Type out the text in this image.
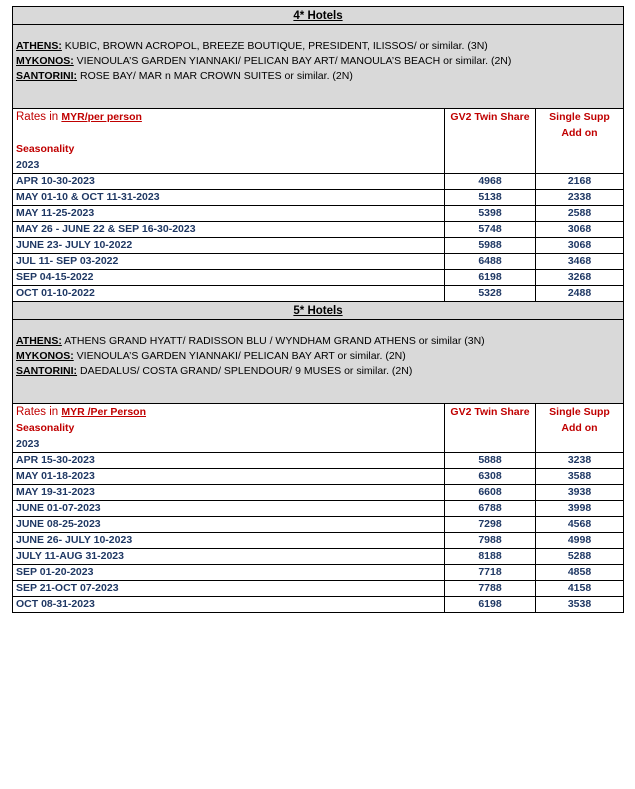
4* Hotels		

ATHENS: KUBIC, BROWN ACROPOL, BREEZE BOUTIQUE, PRESIDENT, ILISSOS/ or similar. (3N)
MYKONOS: VIENOULA’S GARDEN YIANNAKI/ PELICAN BAY ART/ MANOULA’S BEACH or similar. (2N)
SANTORINI: ROSE BAY/ MAR n MAR CROWN SUITES or similar. (2N)		

Rates in MYR/per person
Seasonality
2023	GV2 Twin Share	Single Supp Add on
APR 10-30-2023	4968	2168
MAY 01-10 & OCT 11-31-2023	5138	2338
MAY 11-25-2023	5398	2588
MAY 26 - JUNE 22 & SEP 16-30-2023	5748	3068
JUNE 23- JULY 10-2022	5988	3068
JUL 11- SEP 03-2022	6488	3468
SEP 04-15-2022	6198	3268
OCT 01-10-2022	5328	2488
5* Hotels		

ATHENS: ATHENS GRAND HYATT/ RADISSON BLU / WYNDHAM GRAND ATHENS or similar (3N)
MYKONOS: VIENOULA’S GARDEN YIANNAKI/ PELICAN BAY ART or similar. (2N)
SANTORINI: DAEDALUS/ COSTA GRAND/ SPLENDOUR/ 9 MUSES or similar. (2N)		

Rates in MYR /Per Person
Seasonality
2023	GV2 Twin Share	Single Supp Add on
APR 15-30-2023	5888	3238
MAY 01-18-2023	6308	3588
MAY 19-31-2023	6608	3938
JUNE 01-07-2023	6788	3998
JUNE 08-25-2023	7298	4568
JUNE 26- JULY 10-2023	7988	4998
JULY 11-AUG 31-2023	8188	5288
SEP 01-20-2023	7718	4858
SEP 21-OCT 07-2023	7788	4158
OCT 08-31-2023	6198	3538
